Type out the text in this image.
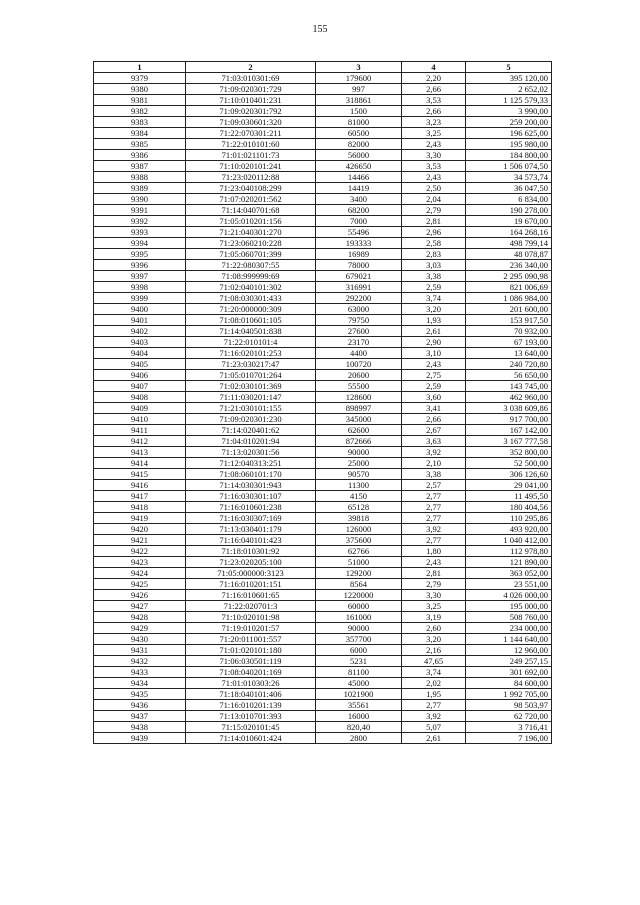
155
1	2	3	4	5
9379	71:03:010301:69	179600	2,20	395 120,00
9380	71:09:020301:729	997	2,66	2 652,02
9381	71:10:010401:231	318861	3,53	1 125 579,33
9382	71:09:020301:792	1500	2,66	3 990,00
9383	71:09:030601:320	81000	3,23	259 200,00
9384	71:22:070301:211	60500	3,25	196 625,00
9385	71:22:010101:60	82000	2,43	195 980,00
9386	71:01:021101:73	56000	3,30	184 800,00
9387	71:10:020101:241	426650	3,53	1 506 074,50
9388	71:23:020112:88	14466	2,43	34 573,74
9389	71:23:040108:299	14419	2,50	36 047,50
9390	71:07:020201:562	3400	2,04	6 834,00
9391	71:14:040701:68	68200	2,79	190 278,00
9392	71:05:010201:156	7000	2,81	19 670,00
9393	71:21:040301:270	55496	2,96	164 268,16
9394	71:23:060210:228	193333	2,58	498 799,14
9395	71:05:060701:399	16989	2,83	48 078,87
9396	71:22:080307:55	78000	3,03	236 340,00
9397	71:08:999999:69	679021	3,38	2 295 090,98
9398	71:02:040101:302	316991	2,59	821 006,69
9399	71:08:030301:433	292200	3,74	1 086 984,00
9400	71:20:000000:309	63000	3,20	201 600,00
9401	71:08:010601:105	79750	1,93	153 917,50
9402	71:14:040501:838	27600	2,61	70 932,00
9403	71:22:010101:4	23170	2,90	67 193,00
9404	71:16:020101:253	4400	3,10	13 640,00
9405	71:23:030217:47	100720	2,43	240 720,80
9406	71:05:010701:264	20600	2,75	56 650,00
9407	71:02:030101:369	55500	2,59	143 745,00
9408	71:11:030201:147	128600	3,60	462 960,00
9409	71:21:030101:155	898997	3,41	3 038 609,86
9410	71:09:020301:230	345000	2,66	917 700,00
9411	71:14:020401:62	62600	2,67	167 142,00
9412	71:04:010201:94	872666	3,63	3 167 777,58
9413	71:13:020301:56	90000	3,92	352 800,00
9414	71:12:040313:251	25000	2,10	52 500,00
9415	71:08:060101:170	90570	3,38	306 126,60
9416	71:14:030301:943	11300	2,57	29 041,00
9417	71:16:030301:107	4150	2,77	11 495,50
9418	71:16:010601:238	65128	2,77	180 404,56
9419	71:16:030307:169	39818	2,77	110 295,86
9420	71:13:030401:179	126000	3,92	493 920,00
9421	71:16:040101:423	375600	2,77	1 040 412,00
9422	71:18:010301:92	62766	1,80	112 978,80
9423	71:23:020205:100	51000	2,43	121 890,00
9424	71:05:000000:3123	129200	2,81	363 052,00
9425	71:16:010201:151	8564	2,79	23 551,00
9426	71:16:010601:65	1220000	3,30	4 026 000,00
9427	71:22:020701:3	60000	3,25	195 000,00
9428	71:10:020101:98	161000	3,19	508 760,00
9429	71:19:010201:57	90000	2,60	234 000,00
9430	71:20:011001:557	357700	3,20	1 144 640,00
9431	71:01:020101:180	6000	2,16	12 960,00
9432	71:06:030501:119	5231	47,65	249 257,15
9433	71:08:040201:169	81100	3,74	301 692,00
9434	71:01:010303:26	45000	2,02	84 600,00
9435	71:18:040101:406	1021900	1,95	1 992 705,00
9436	71:16:010201:139	35561	2,77	98 503,97
9437	71:13:010701:393	16000	3,92	62 720,00
9438	71:15:020101:45	820,40	5,07	3 716,41
9439	71:14:010601:424	2800	2,61	7 196,00
